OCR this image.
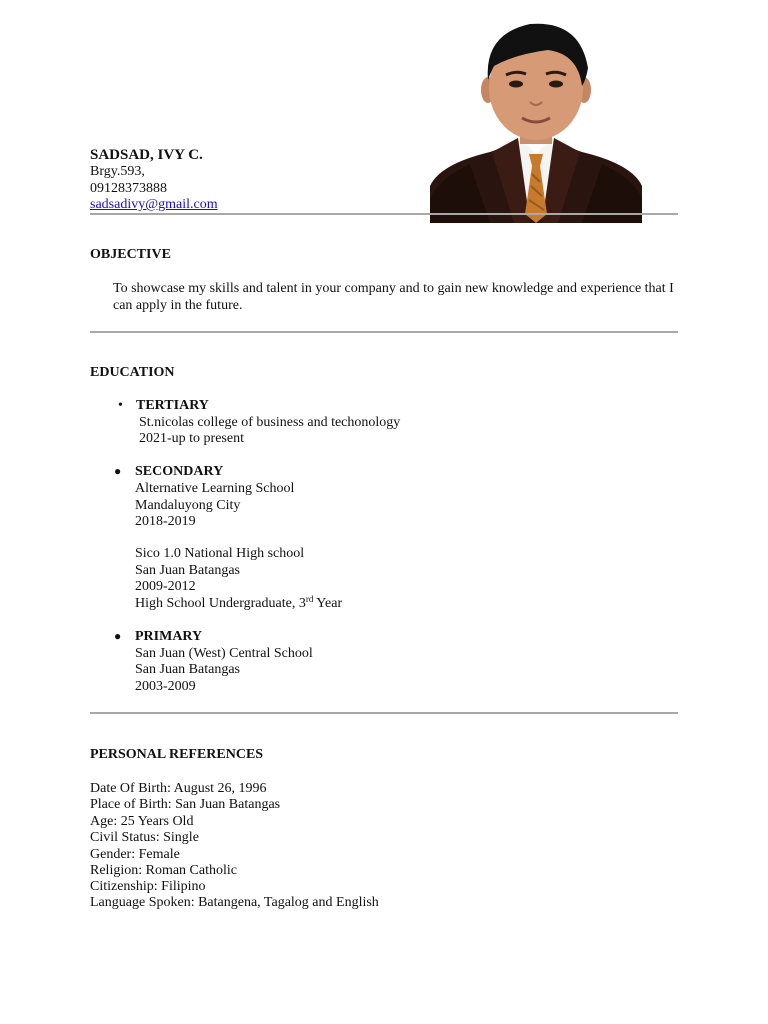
SADSAD, IVY C.
Brgy.593,
09128373888
sadsadivy@gmail.com
OBJECTIVE
To showcase my skills and talent in your company and to gain new knowledge and experience that I
can apply in the future.
EDUCATION
• TERTIARY
St.nicolas college of business and techonology
2021-up to present
● SECONDARY
Alternative Learning School
Mandaluyong City
2018-2019
Sico 1.0 National High school
San Juan Batangas
2009-2012
High School Undergraduate, 3rd Year
● PRIMARY
San Juan (West) Central School
San Juan Batangas
2003-2009
PERSONAL REFERENCES
Date Of Birth: August 26, 1996
Place of Birth: San Juan Batangas
Age: 25 Years Old
Civil Status: Single
Gender: Female
Religion: Roman Catholic
Citizenship: Filipino
Language Spoken: Batangena, Tagalog and English
